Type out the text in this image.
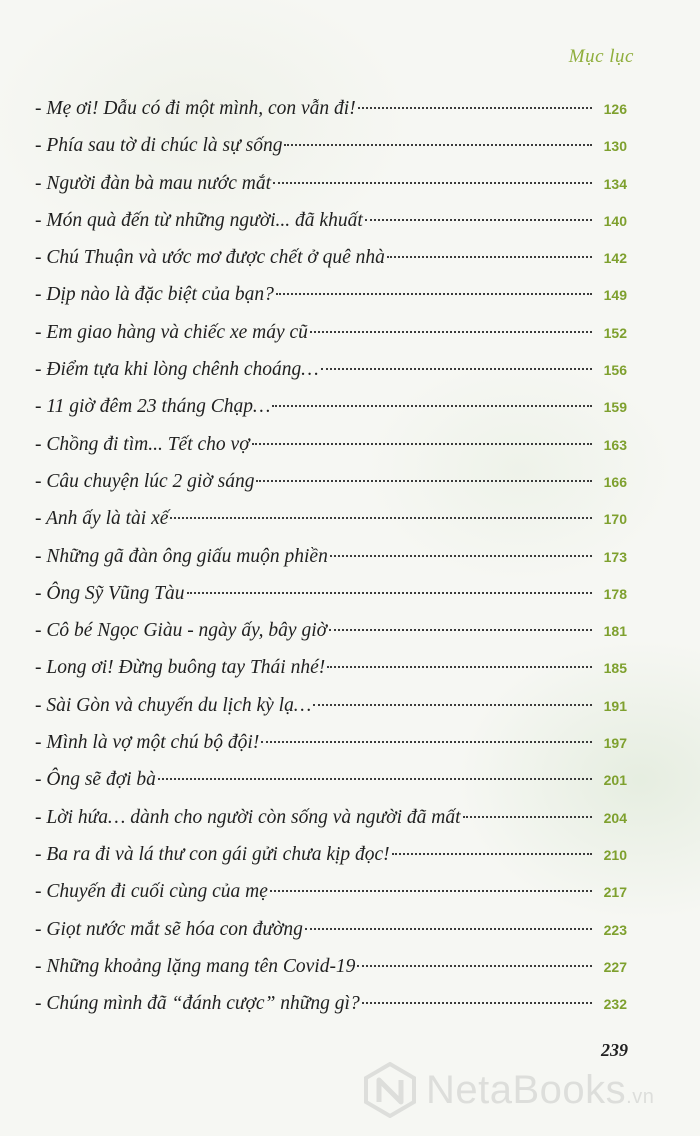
Mục lục
- Mẹ ơi! Dẫu có đi một mình, con vẫn đi!	126
- Phía sau tờ di chúc là sự sống	130
- Người đàn bà mau nước mắt	134
- Món quà đến từ những người... đã khuất	140
- Chú Thuận và ước mơ được chết ở quê nhà	142
- Dịp nào là đặc biệt của bạn?	149
- Em giao hàng và chiếc xe máy cũ	152
- Điểm tựa khi lòng chênh choáng…	156
- 11 giờ đêm 23 tháng Chạp…	159
- Chồng đi tìm... Tết cho vợ	163
- Câu chuyện lúc 2 giờ sáng	166
- Anh ấy là tài xế	170
- Những gã đàn ông giấu muộn phiền	173
- Ông Sỹ Vũng Tàu	178
- Cô bé Ngọc Giàu - ngày ấy, bây giờ	181
- Long ơi! Đừng buông tay Thái nhé!	185
- Sài Gòn và chuyến du lịch kỳ lạ…	191
- Mình là vợ một chú bộ đội!	197
- Ông sẽ đợi bà	201
- Lời hứa… dành cho người còn sống và người đã mất	204
- Ba ra đi và lá thư con gái gửi chưa kịp đọc!	210
- Chuyến đi cuối cùng của mẹ	217
- Giọt nước mắt sẽ hóa con đường	223
- Những khoảng lặng mang tên Covid-19	227
- Chúng mình đã “đánh cược” những gì?	232
239
NetaBooks.vn
